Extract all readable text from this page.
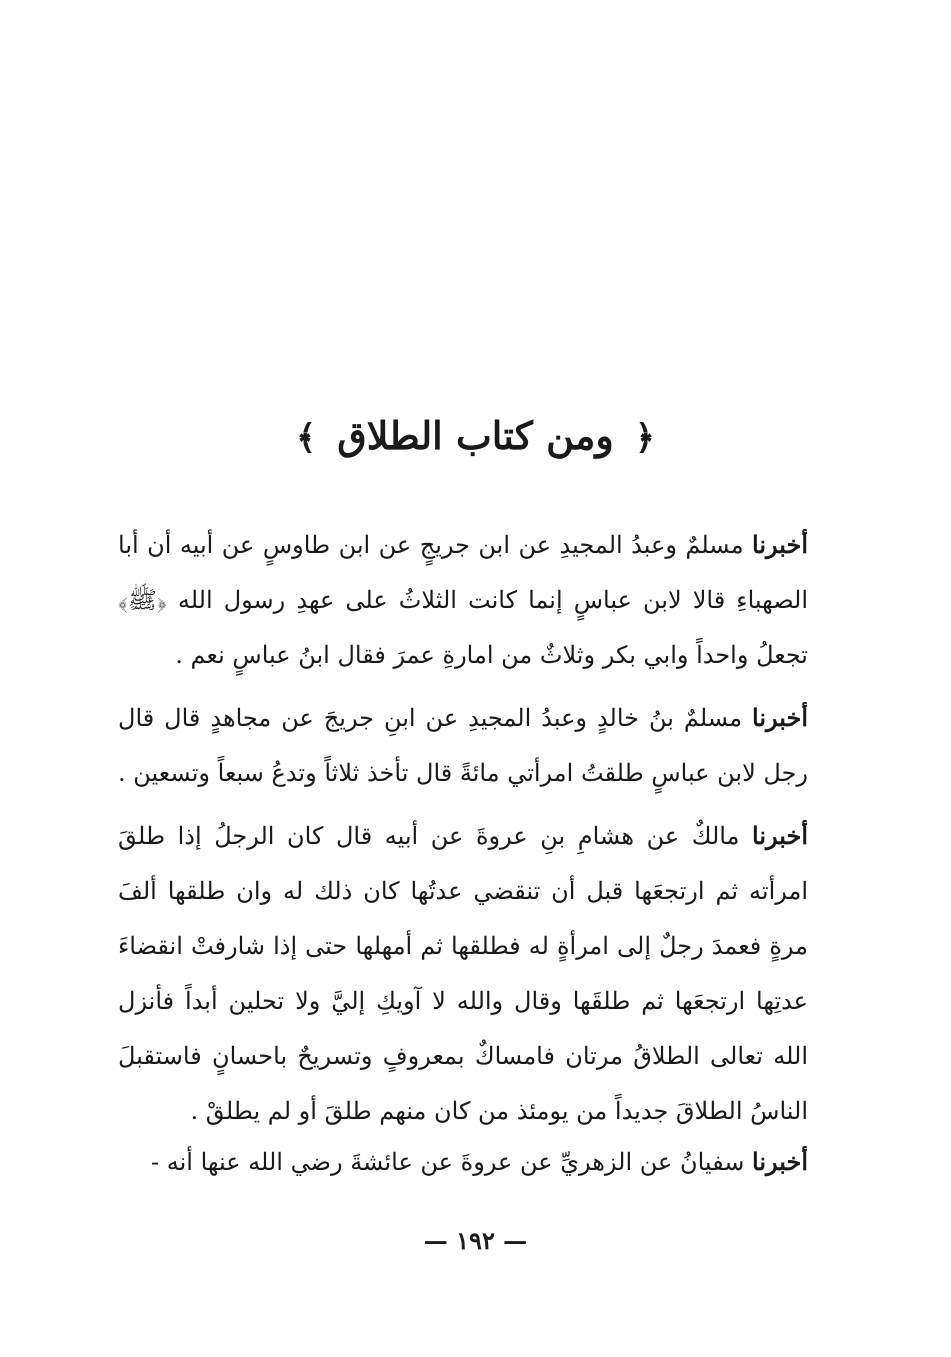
﴿ ومن كتاب الطلاق ﴾
أخبرنا مسلمٌ وعبدُ المجيدِ عن ابن جريجٍ عن ابن طاوسٍ عن أبيه أن أبا الصهباءِ قالا لابن عباسٍ إنما كانت الثلاثُ على عهدِ رسول الله ﴿ﷺ﴾ تجعلُ واحداً وابي بكر وثلاثٌ من امارةِ عمرَ فقال ابنُ عباسٍ نعم .
أخبرنا مسلمٌ بنُ خالدٍ وعبدُ المجيدِ عن ابنِ جريجَ عن مجاهدٍ قال قال رجل لابن عباسٍ طلقتُ امرأتي مائةً قال تأخذ ثلاثاً وتدعُ سبعاً وتسعين .
أخبرنا مالكٌ عن هشامِ بنِ عروةَ عن أبيه قال كان الرجلُ إذا طلقَ امرأته ثم ارتجعَها قبل أن تنقضي عدتُها كان ذلك له وان طلقها ألفَ مرةٍ فعمدَ رجلٌ إلى امرأةٍ له فطلقها ثم أمهلها حتى إذا شارفتْ انقضاءَ عدتِها ارتجعَها ثم طلقَها وقال والله لا آويكِ إليَّ ولا تحلين أبداً فأنزل الله تعالى الطلاقُ مرتان فامساكٌ بمعروفٍ وتسريحٌ باحسانٍ فاستقبلَ الناسُ الطلاقَ جديداً من يومئذ من كان منهم طلقَ أو لم يطلقْ .
أخبرنا سفيانُ عن الزهريِّ عن عروةَ عن عائشةَ رضي الله عنها أنه -
— ١٩٢ —
